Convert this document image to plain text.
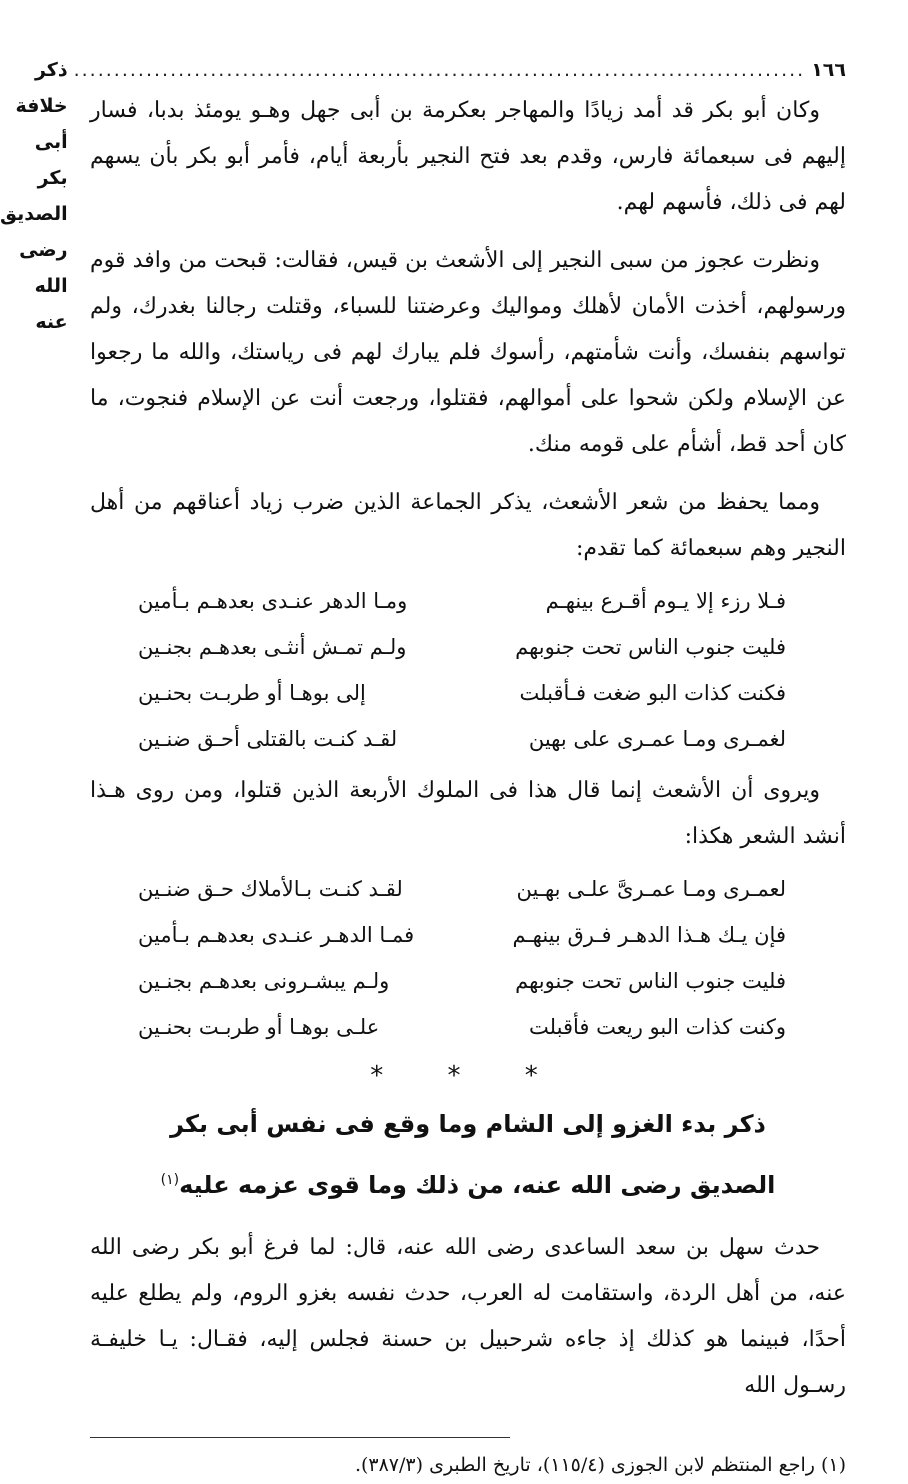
١٦٦
...........................................................................................
ذكر خلافة أبى بكر الصديق رضى الله عنه

وكان أبو بكر قد أمد زيادًا والمهاجر بعكرمة بن أبى جهل وهـو يومئذ بدبا، فسار إليهم فى سبعمائة فارس، وقدم بعد فتح النجير بأربعة أيام، فأمر أبو بكر بأن يسهم لهم فى ذلك، فأسهم لهم.

ونظرت عجوز من سبى النجير إلى الأشعث بن قيس، فقالت: قبحت من وافد قوم ورسولهم، أخذت الأمان لأهلك ومواليك وعرضتنا للسباء، وقتلت رجالنا بغدرك، ولم تواسهم بنفسك، وأنت شأمتهم، رأسوك فلم يبارك لهم فى رياستك، والله ما رجعوا عن الإسلام ولكن شحوا على أموالهم، فقتلوا، ورجعت أنت عن الإسلام فنجوت، ما كان أحد قط، أشأم على قومه منك.

ومما يحفظ من شعر الأشعث، يذكر الجماعة الذين ضرب زياد أعناقهم من أهل النجير وهم سبعمائة كما تقدم:

فـلا رزء إلا يـوم أقـرع بينهـم
ومـا الدهر عنـدى بعدهـم بـأمين
فليت جنوب الناس تحت جنوبهم
ولـم تمـش أنثـى بعدهـم بجنـين
فكنت كذات البو ضغت فـأقبلت
إلى بوهـا أو طربـت بحنـين
لغمـرى ومـا عمـرى على بهين
لقـد كنـت بالقتلى أحـق ضنـين

ويروى أن الأشعث إنما قال هذا فى الملوك الأربعة الذين قتلوا، ومن روى هـذا أنشد الشعر هكذا:

لعمـرى ومـا عمـرىَّ علـى بهـين
لقـد كنـت بـالأملاك حـق ضنـين
فإن يـك هـذا الدهـر فـرق بينهـم
فمـا الدهـر عنـدى بعدهـم بـأمين
فليت جنوب الناس تحت جنوبهم
ولـم يبشـرونى بعدهـم بجنـين
وكنت كذات البو ريعت فأقبلت
علـى بوهـا أو طربـت بحنـين
* * *

ذكر بدء الغزو إلى الشام وما وقع فى نفس أبى بكر

الصديق رضى الله عنه، من ذلك وما قوى عزمه عليه$^{(١)}$

حدث سهل بن سعد الساعدى رضى الله عنه، قال: لما فرغ أبو بكر رضى الله عنه، من أهل الردة، واستقامت له العرب، حدث نفسه بغزو الروم، ولم يطلع عليه أحدًا، فبينما هو كذلك إذ جاءه شرحبيل بن حسنة فجلس إليه، فقـال: يـا خليفـة رسـول الله

(١) راجع المنتظم لابن الجوزى (١١٥/٤)، تاريخ الطبرى (٣٨٧/٣).
